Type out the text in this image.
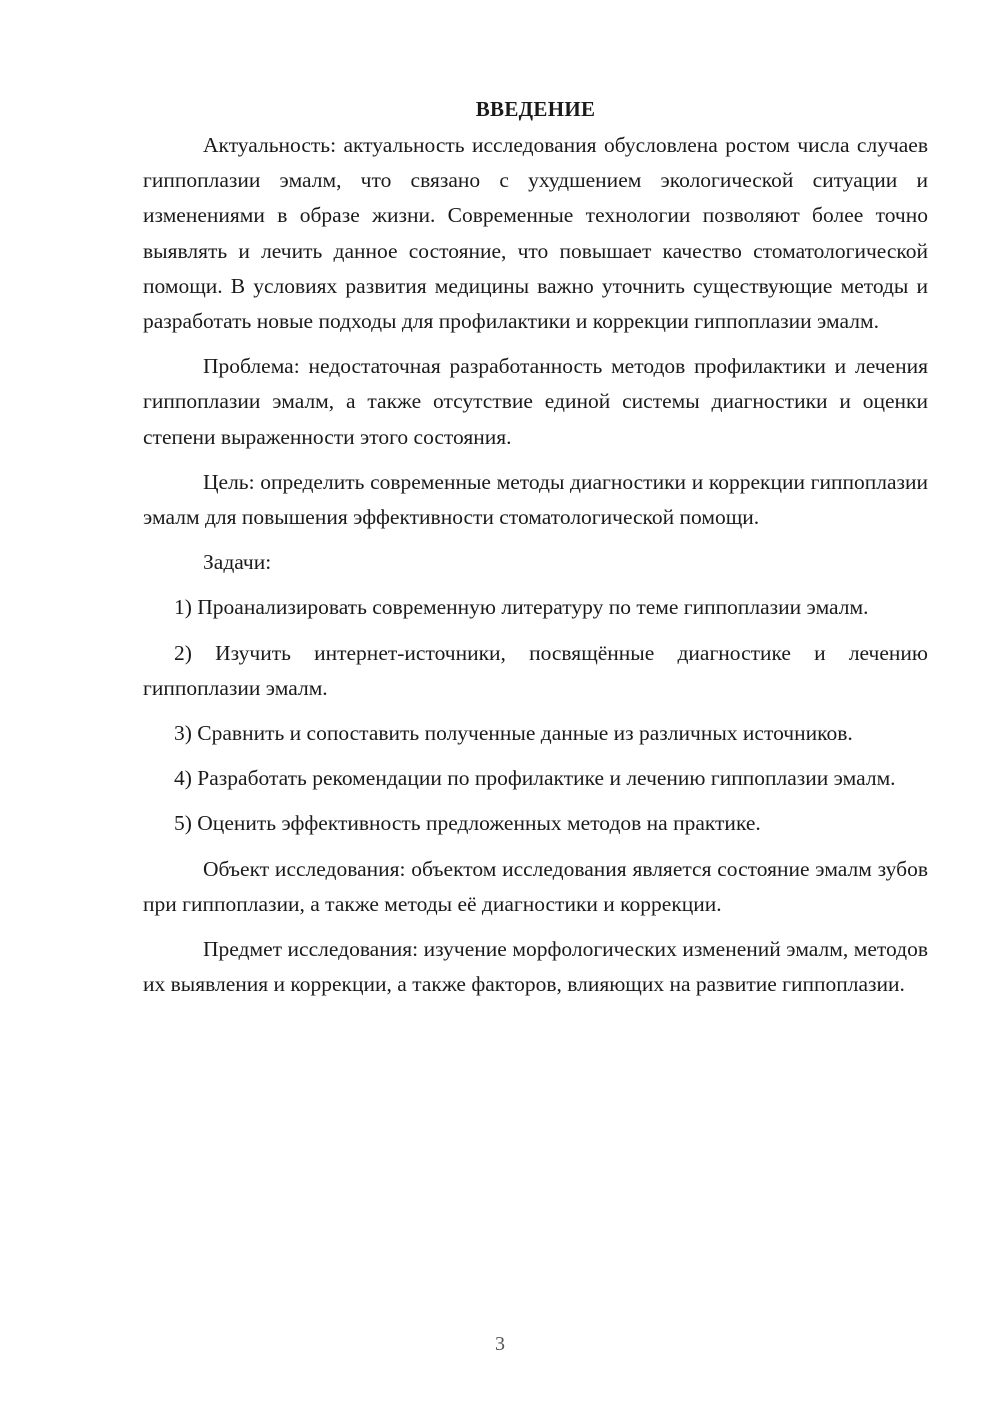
ВВЕДЕНИЕ

Актуальность: актуальность исследования обусловлена ростом числа случаев гиппоплазии эмалм, что связано с ухудшением экологической ситуации и изменениями в образе жизни. Современные технологии позволяют более точно выявлять и лечить данное состояние, что повышает качество стоматологической помощи. В условиях развития медицины важно уточнить существующие методы и разработать новые подходы для профилактики и коррекции гиппоплазии эмалм.

Проблема: недостаточная разработанность методов профилактики и лечения гиппоплазии эмалм, а также отсутствие единой системы диагностики и оценки степени выраженности этого состояния.

Цель: определить современные методы диагностики и коррекции гиппоплазии эмалм для повышения эффективности стоматологической помощи.

Задачи:

1) Проанализировать современную литературу по теме гиппоплазии эмалм.

2) Изучить интернет-источники, посвящённые диагностике и лечению гиппоплазии эмалм.

3) Сравнить и сопоставить полученные данные из различных источников.

4) Разработать рекомендации по профилактике и лечению гиппоплазии эмалм.

5) Оценить эффективность предложенных методов на практике.

Объект исследования: объектом исследования является состояние эмалм зубов при гиппоплазии, а также методы её диагностики и коррекции.

Предмет исследования: изучение морфологических изменений эмалм, методов их выявления и коррекции, а также факторов, влияющих на развитие гиппоплазии.

3
